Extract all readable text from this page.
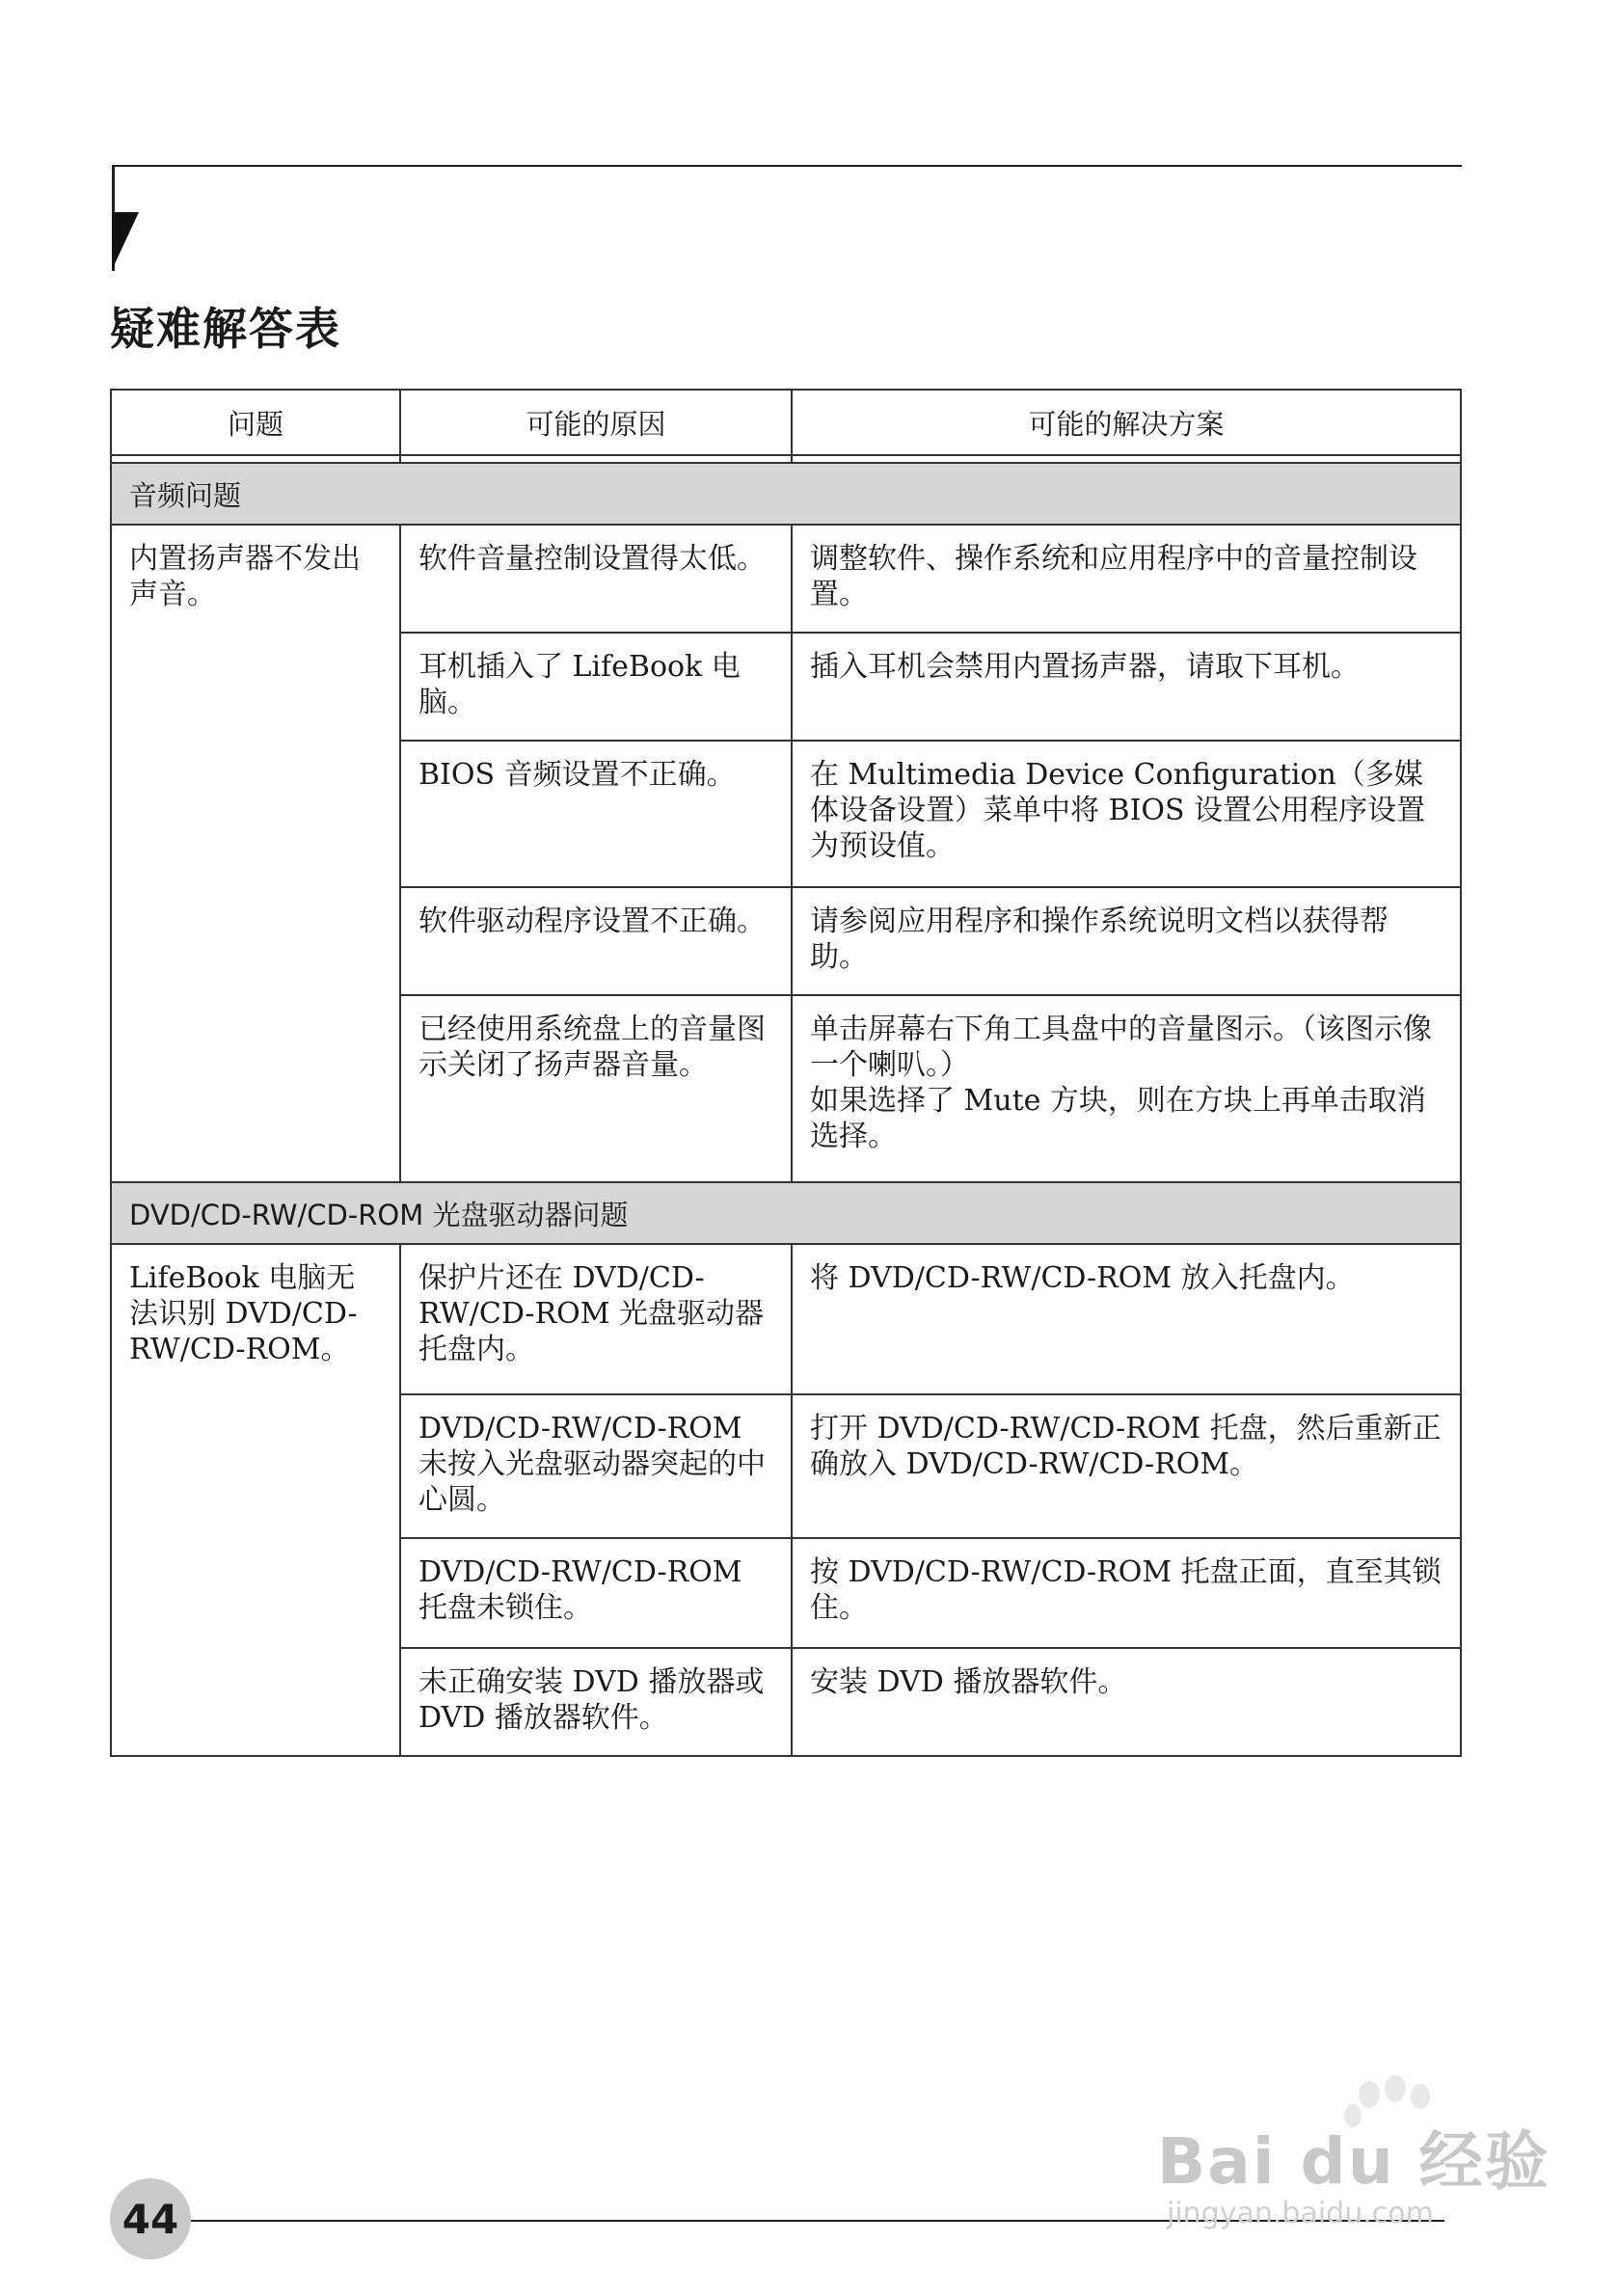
疑难解答表
问题	可能的原因	可能的解决方案

音频问题		
内置扬声器不发出声音。	软件音量控制设置得太低。	调整软件、操作系统和应用程序中的音量控制设置。
	耳机插入了 LifeBook 电脑。	插入耳机会禁用内置扬声器，请取下耳机。
	BIOS 音频设置不正确。	在 Multimedia Device Configuration（多媒体设备设置）菜单中将 BIOS 设置公用程序设置为预设值。
	软件驱动程序设置不正确。	请参阅应用程序和操作系统说明文档以获得帮助。
	已经使用系统盘上的音量图示关闭了扬声器音量。	单击屏幕右下角工具盘中的音量图示。（该图示像一个喇叭。）
如果选择了 Mute 方块，则在方块上再单击取消选择。

DVD/CD-RW/CD-ROM 光盘驱动器问题		
LifeBook 电脑无法识别 DVD/CD-RW/CD-ROM。	保护片还在 DVD/CD-RW/CD-ROM 光盘驱动器托盘内。	将 DVD/CD-RW/CD-ROM 放入托盘内。
	DVD/CD-RW/CD-ROM 未按入光盘驱动器突起的中心圆。	打开 DVD/CD-RW/CD-ROM 托盘，然后重新正确放入 DVD/CD-RW/CD-ROM。
	DVD/CD-RW/CD-ROM 托盘未锁住。	按 DVD/CD-RW/CD-ROM 托盘正面，直至其锁住。
	未正确安装 DVD 播放器或 DVD 播放器软件。	安装 DVD 播放器软件。
44
Bai du 经验
jingyan.baidu.com
